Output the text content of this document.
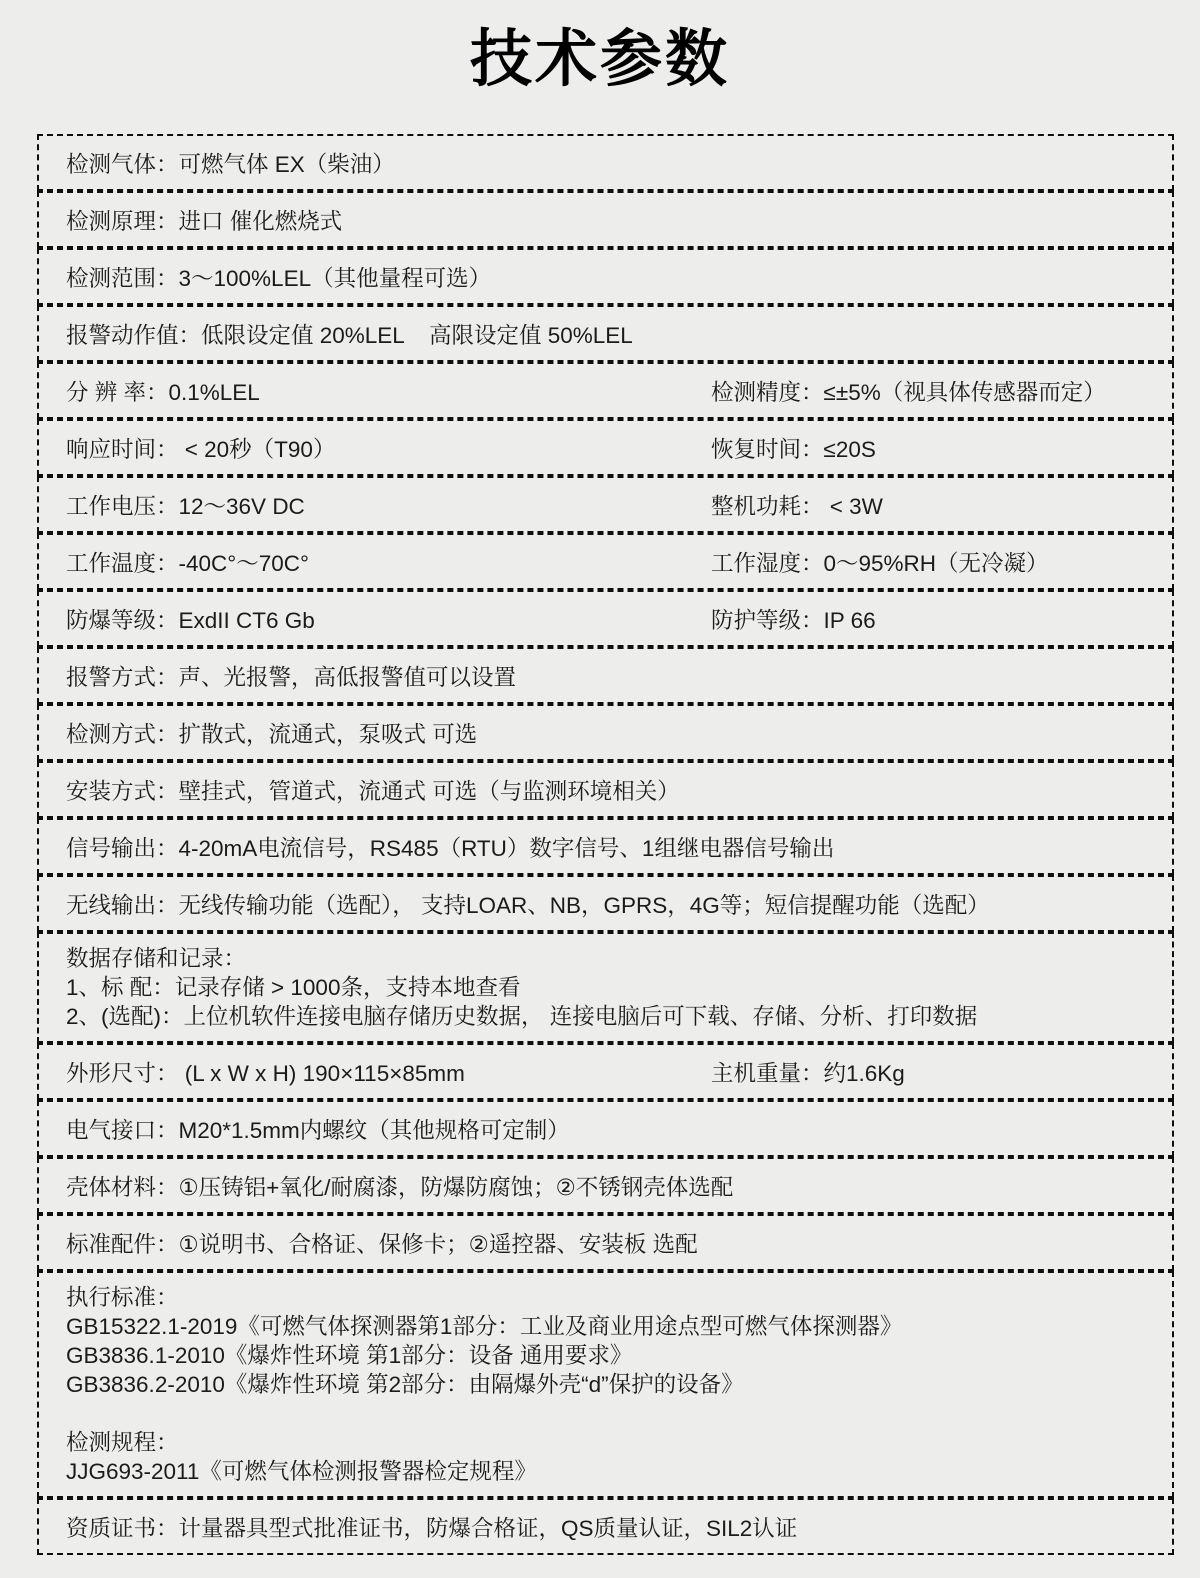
技术参数
检测气体：可燃气体 EX（柴油）
检测原理：进口 催化燃烧式
检测范围：3～100%LEL（其他量程可选）
报警动作值：低限设定值 20%LEL    高限设定值 50%LEL
分 辨 率：0.1%LEL	检测精度：≤±5%（视具体传感器而定）
响应时间： < 20秒（T90）	恢复时间：≤20S
工作电压：12～36V DC	整机功耗： < 3W
工作温度：-40C°～70C°	工作湿度：0～95%RH（无冷凝）
防爆等级：ExdII CT6 Gb	防护等级：IP 66
报警方式：声、光报警，高低报警值可以设置
检测方式：扩散式，流通式，泵吸式 可选
安装方式：壁挂式，管道式，流通式 可选（与监测环境相关）
信号输出：4-20mA电流信号，RS485（RTU）数字信号、1组继电器信号输出
无线输出：无线传输功能（选配）， 支持LOAR、NB，GPRS，4G等；短信提醒功能（选配）
数据存储和记录：
1、标 配：记录存储 > 1000条，支持本地查看
2、(选配)：上位机软件连接电脑存储历史数据， 连接电脑后可下载、存储、分析、打印数据
外形尺寸： (L x W x H) 190×115×85mm	主机重量：约1.6Kg
电气接口：M20*1.5mm内螺纹（其他规格可定制）
壳体材料：①压铸铝+氧化/耐腐漆，防爆防腐蚀；②不锈钢壳体选配
标准配件：①说明书、合格证、保修卡；②遥控器、安装板 选配
执行标准：
GB15322.1-2019《可燃气体探测器第1部分：工业及商业用途点型可燃气体探测器》
GB3836.1-2010《爆炸性环境 第1部分：设备 通用要求》
GB3836.2-2010《爆炸性环境 第2部分：由隔爆外壳“d”保护的设备》
检测规程：
JJG693-2011《可燃气体检测报警器检定规程》
资质证书：计量器具型式批准证书，防爆合格证，QS质量认证，SIL2认证
